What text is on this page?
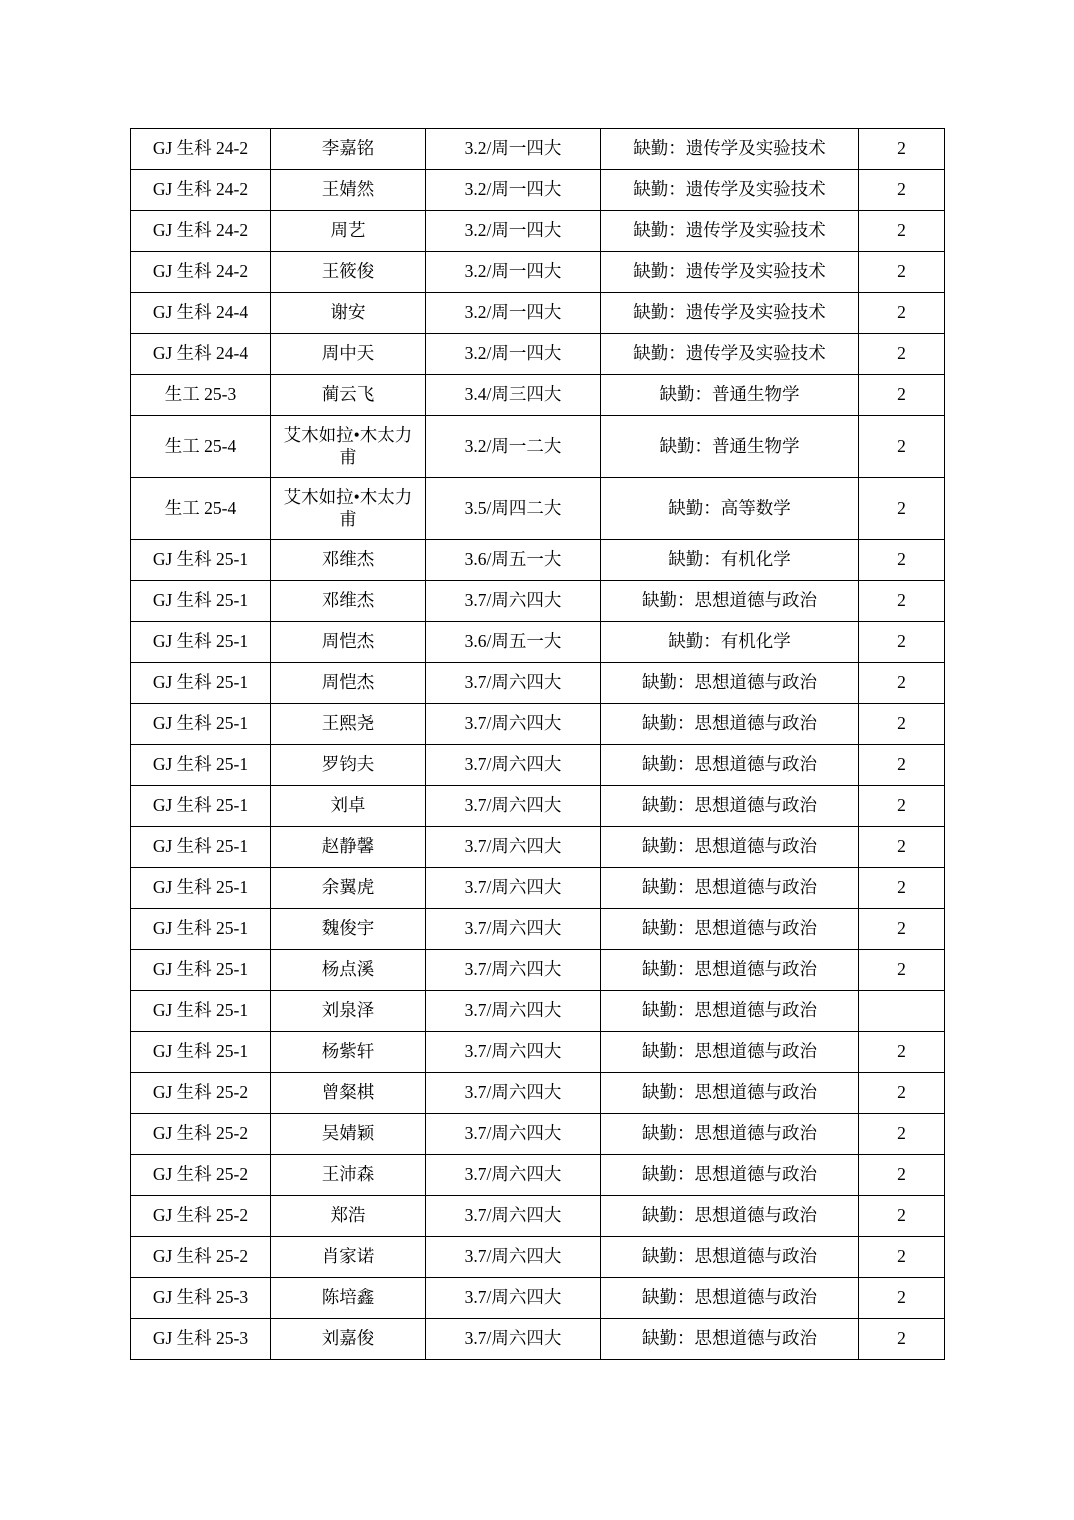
GJ 生科 24-2	李嘉铭	3.2/周一四大	缺勤：遗传学及实验技术	2
GJ 生科 24-2	王婧然	3.2/周一四大	缺勤：遗传学及实验技术	2
GJ 生科 24-2	周艺	3.2/周一四大	缺勤：遗传学及实验技术	2
GJ 生科 24-2	王筱俊	3.2/周一四大	缺勤：遗传学及实验技术	2
GJ 生科 24-4	谢安	3.2/周一四大	缺勤：遗传学及实验技术	2
GJ 生科 24-4	周中天	3.2/周一四大	缺勤：遗传学及实验技术	2
生工 25-3	蔺云飞	3.4/周三四大	缺勤：普通生物学	2
生工 25-4	艾木如拉•木太力甫	3.2/周一二大	缺勤：普通生物学	2
生工 25-4	艾木如拉•木太力甫	3.5/周四二大	缺勤：高等数学	2
GJ 生科 25-1	邓维杰	3.6/周五一大	缺勤：有机化学	2
GJ 生科 25-1	邓维杰	3.7/周六四大	缺勤：思想道德与政治	2
GJ 生科 25-1	周恺杰	3.6/周五一大	缺勤：有机化学	2
GJ 生科 25-1	周恺杰	3.7/周六四大	缺勤：思想道德与政治	2
GJ 生科 25-1	王熙尧	3.7/周六四大	缺勤：思想道德与政治	2
GJ 生科 25-1	罗钧夫	3.7/周六四大	缺勤：思想道德与政治	2
GJ 生科 25-1	刘卓	3.7/周六四大	缺勤：思想道德与政治	2
GJ 生科 25-1	赵静馨	3.7/周六四大	缺勤：思想道德与政治	2
GJ 生科 25-1	余翼虎	3.7/周六四大	缺勤：思想道德与政治	2
GJ 生科 25-1	魏俊宇	3.7/周六四大	缺勤：思想道德与政治	2
GJ 生科 25-1	杨点溪	3.7/周六四大	缺勤：思想道德与政治	2
GJ 生科 25-1	刘泉泽	3.7/周六四大	缺勤：思想道德与政治	
GJ 生科 25-1	杨紫轩	3.7/周六四大	缺勤：思想道德与政治	2
GJ 生科 25-2	曾粲棋	3.7/周六四大	缺勤：思想道德与政治	2
GJ 生科 25-2	吴婧颖	3.7/周六四大	缺勤：思想道德与政治	2
GJ 生科 25-2	王沛森	3.7/周六四大	缺勤：思想道德与政治	2
GJ 生科 25-2	郑浩	3.7/周六四大	缺勤：思想道德与政治	2
GJ 生科 25-2	肖家诺	3.7/周六四大	缺勤：思想道德与政治	2
GJ 生科 25-3	陈培鑫	3.7/周六四大	缺勤：思想道德与政治	2
GJ 生科 25-3	刘嘉俊	3.7/周六四大	缺勤：思想道德与政治	2
